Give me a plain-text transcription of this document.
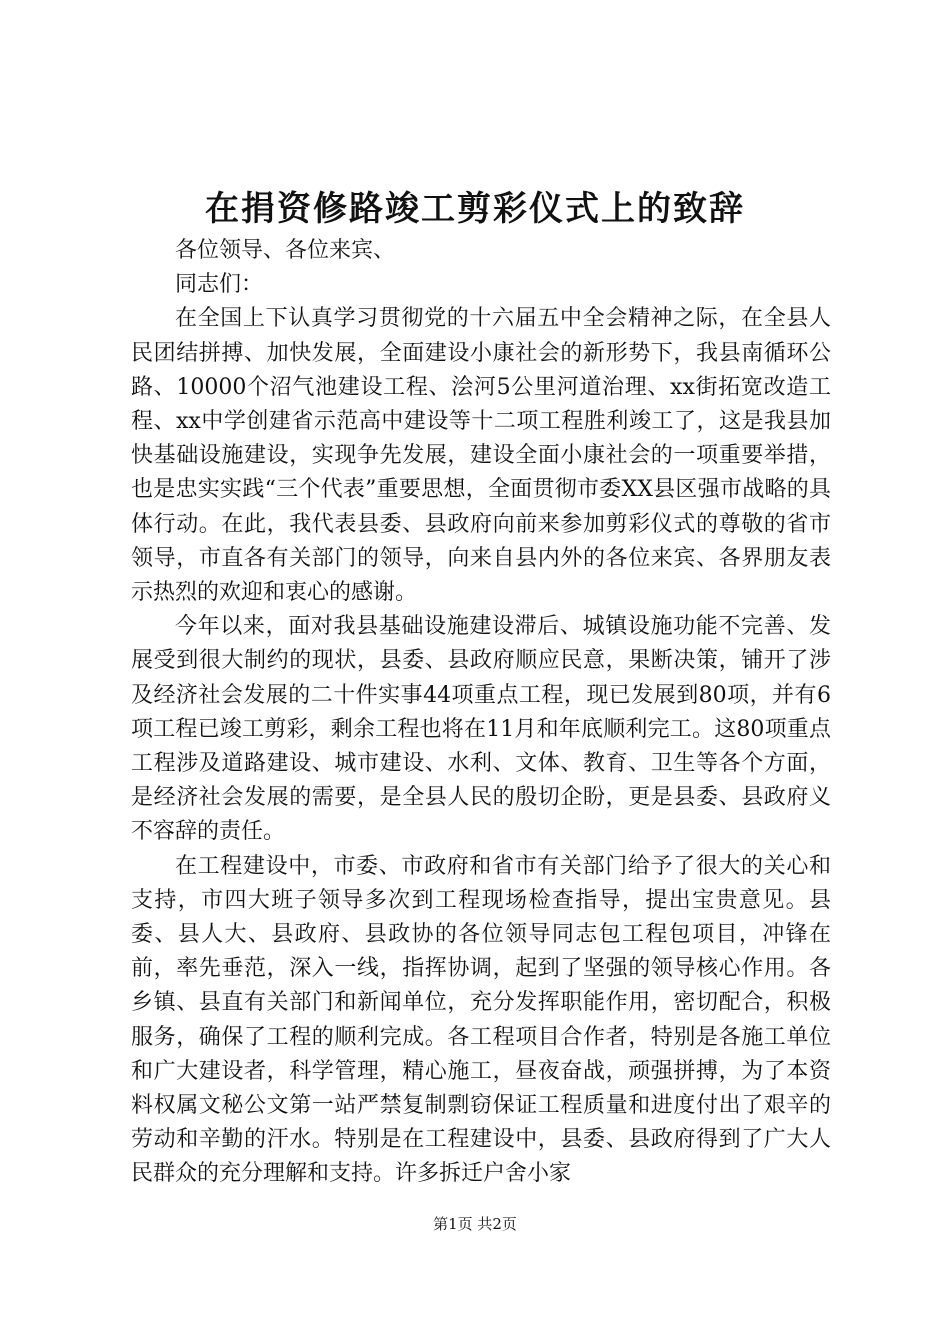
在捐资修路竣工剪彩仪式上的致辞

各位领导、各位来宾、

同志们：

在全国上下认真学习贯彻党的十六届五中全会精神之际，在全县人民团结拼搏、加快发展，全面建设小康社会的新形势下，我县南循环公路、10000个沼气池建设工程、浍河5公里河道治理、xx街拓宽改造工程、xx中学创建省示范高中建设等十二项工程胜利竣工了，这是我县加快基础设施建设，实现争先发展，建设全面小康社会的一项重要举措，也是忠实实践“三个代表”重要思想，全面贯彻市委XX县区强市战略的具体行动。在此，我代表县委、县政府向前来参加剪彩仪式的尊敬的省市领导，市直各有关部门的领导，向来自县内外的各位来宾、各界朋友表示热烈的欢迎和衷心的感谢。

今年以来，面对我县基础设施建设滞后、城镇设施功能不完善、发展受到很大制约的现状，县委、县政府顺应民意，果断决策，铺开了涉及经济社会发展的二十件实事44项重点工程，现已发展到80项，并有6项工程已竣工剪彩，剩余工程也将在11月和年底顺利完工。这80项重点工程涉及道路建设、城市建设、水利、文体、教育、卫生等各个方面，是经济社会发展的需要，是全县人民的殷切企盼，更是县委、县政府义不容辞的责任。

在工程建设中，市委、市政府和省市有关部门给予了很大的关心和支持，市四大班子领导多次到工程现场检查指导，提出宝贵意见。县委、县人大、县政府、县政协的各位领导同志包工程包项目，冲锋在前，率先垂范，深入一线，指挥协调，起到了坚强的领导核心作用。各乡镇、县直有关部门和新闻单位，充分发挥职能作用，密切配合，积极服务，确保了工程的顺利完成。各工程项目合作者，特别是各施工单位和广大建设者，科学管理，精心施工，昼夜奋战，顽强拼搏，为了本资料权属文秘公文第一站严禁复制剽窃保证工程质量和进度付出了艰辛的劳动和辛勤的汗水。特别是在工程建设中，县委、县政府得到了广大人民群众的充分理解和支持。许多拆迁户舍小家

第1页 共2页
